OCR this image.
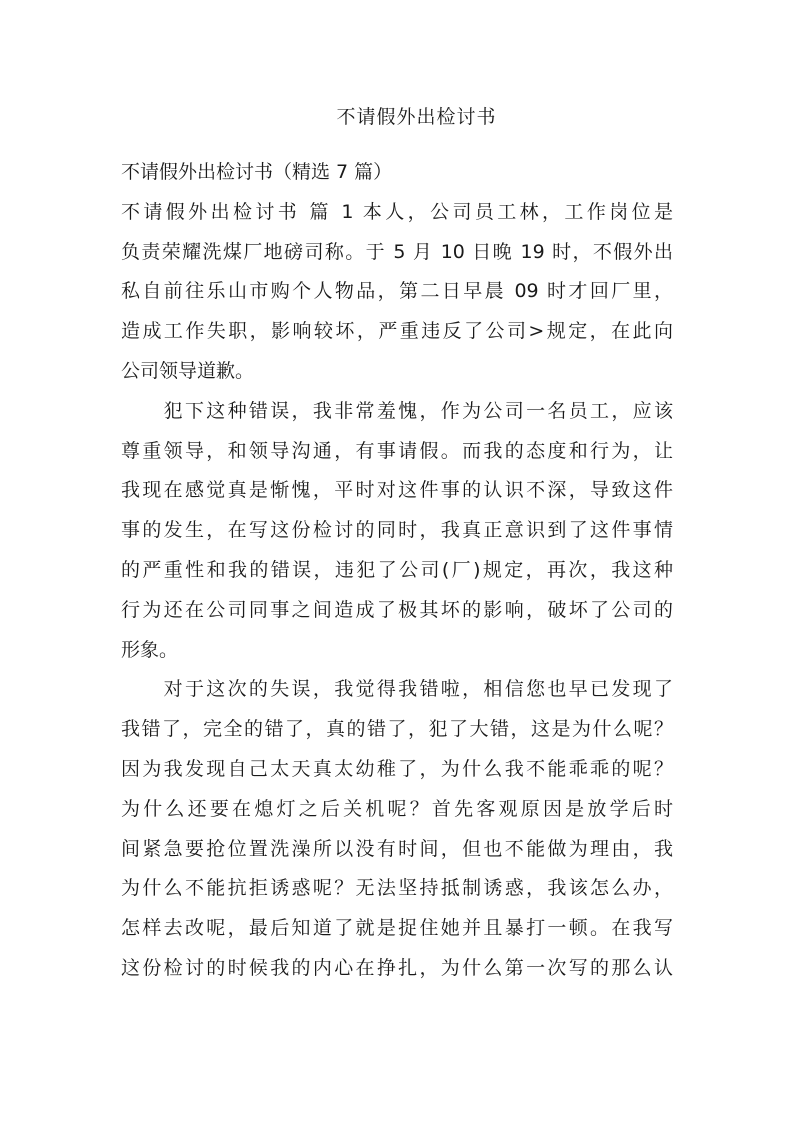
不请假外出检讨书
不请假外出检讨书（精选 7 篇）
不请假外出检讨书 篇 1 本人，公司员工林，工作岗位是
负责荣耀洗煤厂地磅司称。于 5 月 10 日晚 19 时，不假外出
私自前往乐山市购个人物品，第二日早晨 09 时才回厂里，
造成工作失职，影响较坏，严重违反了公司>规定，在此向
公司领导道歉。
　　犯下这种错误，我非常羞愧，作为公司一名员工，应该
尊重领导，和领导沟通，有事请假。而我的态度和行为，让
我现在感觉真是惭愧，平时对这件事的认识不深，导致这件
事的发生，在写这份检讨的同时，我真正意识到了这件事情
的严重性和我的错误，违犯了公司(厂)规定，再次，我这种
行为还在公司同事之间造成了极其坏的影响，破坏了公司的
形象。
　　对于这次的失误，我觉得我错啦，相信您也早已发现了
我错了，完全的错了，真的错了，犯了大错，这是为什么呢？
因为我发现自己太天真太幼稚了，为什么我不能乖乖的呢？
为什么还要在熄灯之后关机呢？首先客观原因是放学后时
间紧急要抢位置洗澡所以没有时间，但也不能做为理由，我
为什么不能抗拒诱惑呢？无法坚持抵制诱惑，我该怎么办，
怎样去改呢，最后知道了就是捉住她并且暴打一顿。在我写
这份检讨的时候我的内心在挣扎，为什么第一次写的那么认
